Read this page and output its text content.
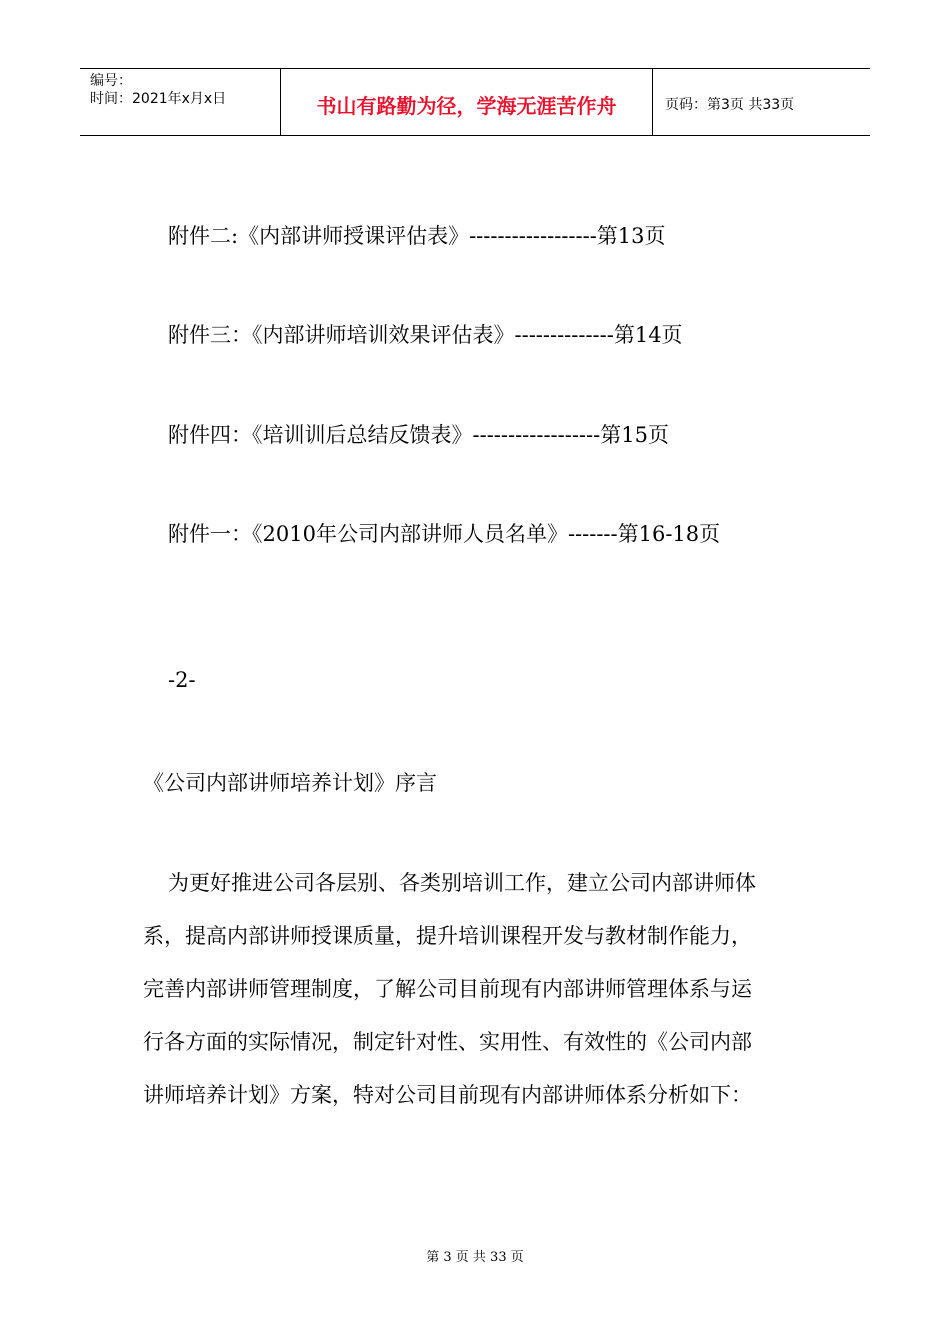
编号：
时间：2021年x月x日	书山有路勤为径，学海无涯苦作舟	页码：第3页 共33页
附件二:《内部讲师授课评估表》------------------第13页
附件三：《内部讲师培训效果评估表》--------------第14页
附件四：《培训训后总结反馈表》------------------第15页
附件一：《2010年公司内部讲师人员名单》-------第16-18页
-2-
《公司内部讲师培养计划》序言
为更好推进公司各层别、各类别培训工作，建立公司内部讲师体
系，提高内部讲师授课质量，提升培训课程开发与教材制作能力，
完善内部讲师管理制度，了解公司目前现有内部讲师管理体系与运
行各方面的实际情况，制定针对性、实用性、有效性的《公司内部
讲师培养计划》方案，特对公司目前现有内部讲师体系分析如下：
第 3 页 共 33 页
